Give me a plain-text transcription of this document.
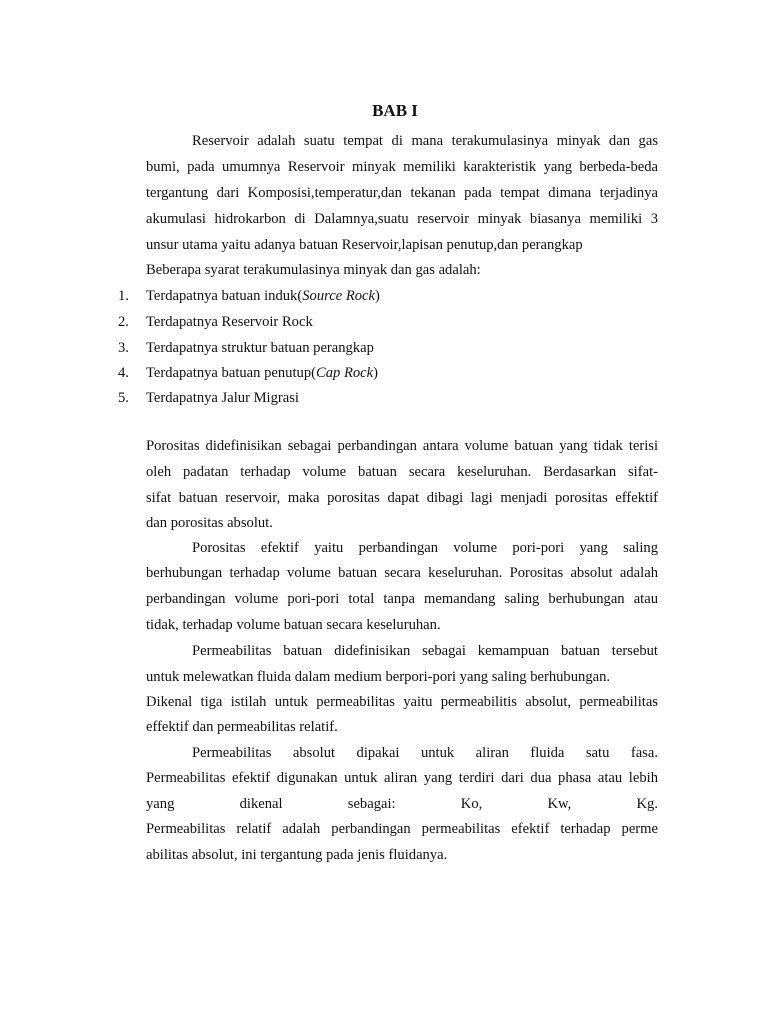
BAB I
Reservoir adalah suatu tempat di mana terakumulasinya minyak dan gas
bumi, pada umumnya Reservoir minyak memiliki karakteristik yang berbeda-beda
tergantung dari Komposisi,temperatur,dan tekanan pada tempat dimana terjadinya
akumulasi hidrokarbon di Dalamnya,suatu reservoir minyak biasanya memiliki 3
unsur utama yaitu adanya batuan Reservoir,lapisan penutup,dan perangkap
Beberapa syarat terakumulasinya minyak dan gas adalah:
1. Terdapatnya batuan induk(Source Rock)
2. Terdapatnya Reservoir Rock
3. Terdapatnya struktur batuan perangkap
4. Terdapatnya batuan penutup(Cap Rock)
5. Terdapatnya Jalur Migrasi
Porositas didefinisikan sebagai perbandingan antara volume batuan yang tidak terisi
oleh padatan terhadap volume batuan secara keseluruhan. Berdasarkan sifat-
sifat batuan reservoir, maka porositas dapat dibagi lagi menjadi porositas effektif
dan porositas absolut.
Porositas efektif yaitu perbandingan volume pori-pori yang saling
berhubungan terhadap volume batuan secara keseluruhan. Porositas absolut adalah
perbandingan volume pori-pori total tanpa memandang saling berhubungan atau
tidak, terhadap volume batuan secara keseluruhan.
Permeabilitas batuan didefinisikan sebagai kemampuan batuan tersebut
untuk melewatkan fluida dalam medium berpori-pori yang saling berhubungan.
Dikenal tiga istilah untuk permeabilitas yaitu permeabilitis absolut, permeabilitas
effektif dan permeabilitas relatif.
Permeabilitas absolut dipakai untuk aliran fluida satu fasa.
Permeabilitas efektif digunakan untuk aliran yang terdiri dari dua phasa atau lebih
yang dikenal sebagai: Ko, Kw, Kg.
Permeabilitas relatif adalah perbandingan permeabilitas efektif terhadap perme
abilitas absolut, ini tergantung pada jenis fluidanya.
